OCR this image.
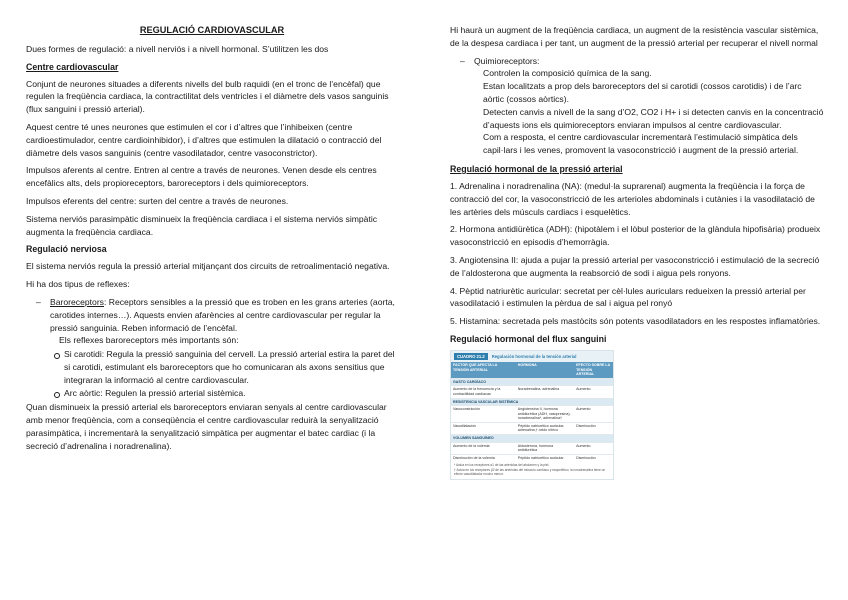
REGULACIÓ CARDIOVASCULAR

Dues formes de regulació: a nivell nerviós i a nivell hormonal. S’utilitzen les dos

Centre cardiovascular

Conjunt de neurones situades a diferents nivells del bulb raquidi (en el tronc de l’encèfal) que regulen la freqüència cardiaca, la contractilitat dels ventricles i el diàmetre dels vasos sanguinis (flux sanguini i pressió arterial).

Aquest centre té unes neurones que estimulen el cor i d’altres que l’inhibeixen (centre cardioestimulador, centre cardioinhibidor), i d’altres que estimulen la dilatació o contracció del diàmetre dels vasos sanguinis (centre vasodilatador, centre vasoconstrictor).

Impulsos aferents al centre. Entren al centre a través de neurones. Venen desde els centres encefàlics alts, dels propioreceptors, baroreceptors i dels quimioreceptors.

Impulsos eferents del centre: surten del centre a través de neurones.

Sistema nerviós parasimpàtic disminueix la freqüència cardiaca i el sistema nerviós simpàtic augmenta la freqüència cardiaca.

Regulació nerviosa

El sistema nerviós regula la pressió arterial mitjançant dos circuits de retroalimentació negativa.

Hi ha dos tipus de reflexes:

– Baroreceptors: Receptors sensibles a la pressió que es troben en les grans arteries (aorta, carotides internes…). Aquests envien afarències al centre cardiovascular per regular la pressió sanguinia. Reben informació de l’encèfal.
Els reflexes baroreceptors més importants són:
Si carotidi: Regula la pressió sanguinia del cervell. La pressió arterial estira la paret del si carotidi, estimulant els baroreceptors que ho comunicaran als axons sensitius que integraran la informació al centre cardiovascular.
Arc aòrtic: Regulen la pressió arterial sistèmica.

Quan disminueix la pressió arterial els baroreceptors enviaran senyals al centre cardiovascular amb menor freqüència, com a conseqüència el centre cardiovascular reduirà la senyalització parasimpàtica, i incrementarà la senyalització simpàtica per augmentar el batec cardiac (i la secreció d’adrenalina i noradrenalina).

Hi haurà un augment de la freqüència cardiaca, un augment de la resistència vascular sistèmica, de la despesa cardiaca i per tant, un augment de la pressió arterial per recuperar el nivell normal

– Quimioreceptors:
Controlen la composició química de la sang.
Estan localitzats a prop dels baroreceptors del si carotidi (cossos carotidis) i de l’arc aòrtic (cossos aòrtics).
Detecten canvis a nivell de la sang d’O2, CO2 i H+ i si detecten canvis en la concentració d’aquests ions els quimioreceptors enviaran impulsos al centre cardiovascular.
Com a resposta, el centre cardiovascular incrementarà l’estimulació simpàtica dels capil·lars i les venes, promovent la vasoconstricció i augment de la pressió arterial.

Regulació hormonal de la pressió arterial

1. Adrenalina i noradrenalina (NA): (medul·la suprarenal) augmenta la freqüència i la força de contracció del cor, la vasoconstricció de les arterioles abdominals i cutànies i la vasodilatació de les artèries dels músculs cardiacs i esquelètics.

2. Hormona antidiürètica (ADH): (hipotàlem i el lòbul posterior de la glàndula hipofisària) produeix vasoconstricció en episodis d’hemorràgia.

3. Angiotensina II: ajuda a pujar la pressió arterial per vasoconstricció i estimulació de la secreció de l’aldosterona que augmenta la reabsorció de sodi i aigua pels ronyons.

4. Pèptid natriurètic auricular: secretat per cèl·lules auriculars redueixen la pressió arterial per vasodilatació i estimulen la pèrdua de sal i aigua pel ronyó

5. Histamina: secretada pels mastòcits són potents vasodilatadors en les respostes inflamatòries.

Regulació hormonal del flux sanguini

CUADRO 21.2	Regulación hormonal de la tensión arterial
FACTOR QUE AFECTA LA TENSIÓN ARTERIAL	HORMONA	EFECTO SOBRE LA TENSIÓN ARTERIAL
GASTO CARDÍACO		
Aumento de la frecuencia y la contractilidad cardíacas	Noradrenalina, adrenalina	Aumento
RESISTENCIA VASCULAR SISTÉMICA		
Vasoconstricción	Angiotensina II, hormona antidiurética (ADH, vasopresina), noradrenalina*, adrenalina†	Aumento
Vasodilatación	Péptido natriurético auricular, adrenalina,† óxido nítrico	Disminución
VOLUMEN SANGUÍNEO		
Aumento de la volemia	Aldosterona, hormona antidiurética	Aumento
Disminución de la volemia	Péptido natriurético auricular	Disminución
* Actúa en los receptores α1 de las arteriolas del abdomen y la piel.
† Actúa en los receptores β2 de las arteriolas del músculo cardíaco y esquelético; la noradrenalina tiene un efecto vasodilatador mucho menor.
